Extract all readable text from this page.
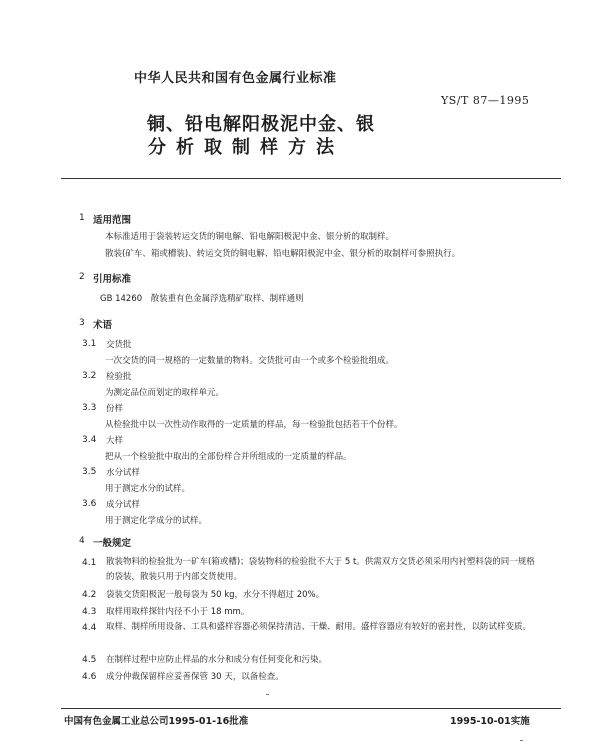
中华人民共和国有色金属行业标准
YS/T 87—1995
铜、铅电解阳极泥中金、银
分析取制样方法
1 适用范围
本标准适用于袋装转运交货的铜电解、铅电解阳极泥中金、银分析的取制样。
散装(矿车、箱或槽装)、转运交货的铜电解、铅电解阳极泥中金、银分析的取制样可参照执行。
2 引用标准
GB 14260　散装重有色金属浮选精矿取样、制样通则
3 术语
3.1 交货批
一次交货的同一规格的一定数量的物料。交货批可由一个或多个检验批组成。
3.2 检验批
为测定品位而划定的取样单元。
3.3 份样
从检验批中以一次性动作取得的一定质量的样品，每一检验批包括若干个份样。
3.4 大样
把从一个检验批中取出的全部份样合并所组成的一定质量的样品。
3.5 水分试样
用于测定水分的试样。
3.6 成分试样
用于测定化学成分的试样。
4 一般规定
4.1 散装物料的检验批为一矿车(箱或槽)；袋装物料的检验批不大于 5 t。供需双方交货必须采用内衬塑料袋的同一规格的袋装，散装只用于内部交货使用。
4.2 袋装交货阳极泥一般每袋为 50 kg，水分不得超过 20%。
4.3 取样用取样探针内径不小于 18 mm。
4.4 取样、制样所用设备、工具和盛样容器必须保持清洁、干燥、耐用。盛样容器应有较好的密封性，以防试样变质。
4.5 在制样过程中应防止样品的水分和成分有任何变化和污染。
4.6 成分仲裁保留样应妥善保管 30 天，以备检查。
中国有色金属工业总公司1995-01-16批准	1995-10-01实施
